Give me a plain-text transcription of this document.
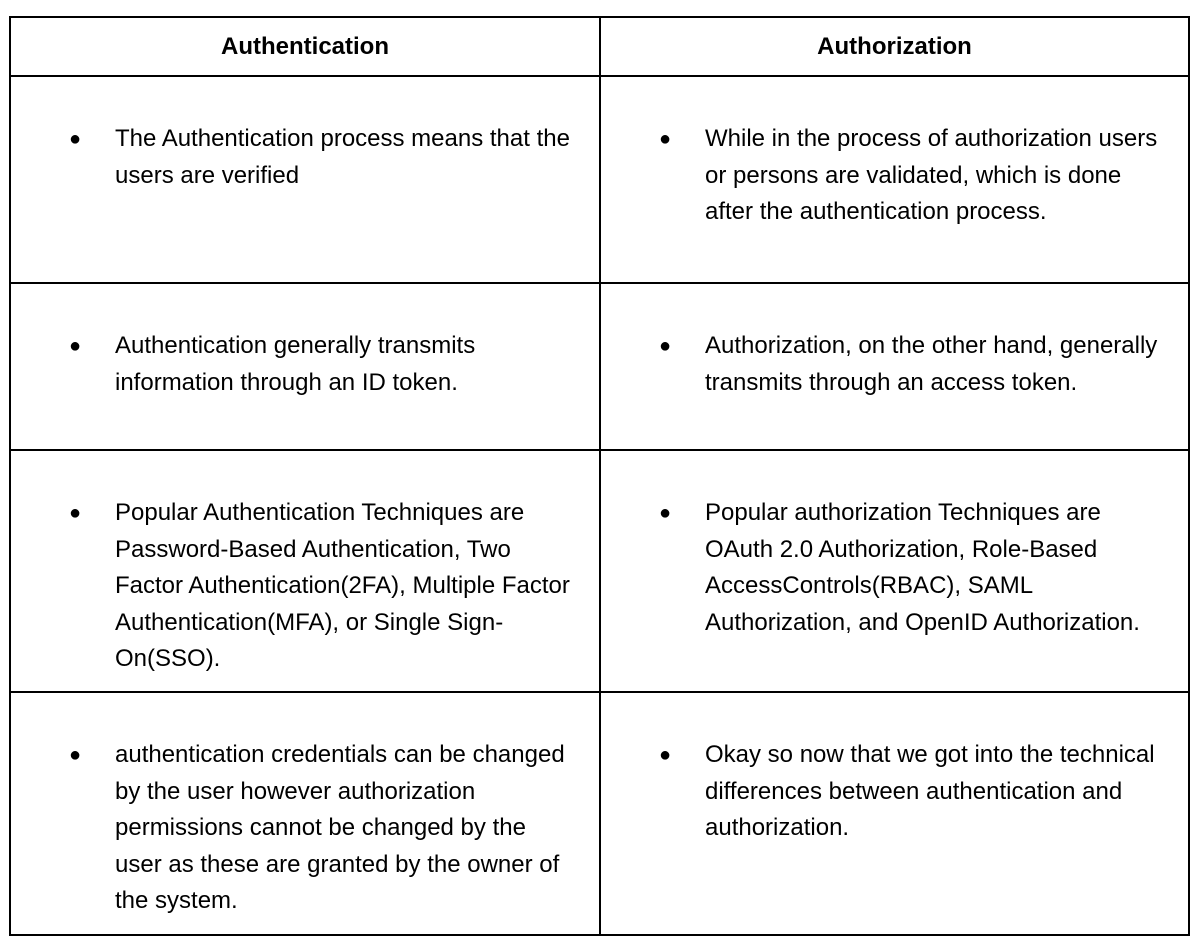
Authentication	Authorization

● The Authentication process means that the users are verified	● While in the process of authorization users or persons are validated, which is done after the authentication process.

● Authentication generally transmits information through an ID token.	● Authorization, on the other hand, generally transmits through an access token.

● Popular Authentication Techniques are Password-Based Authentication, Two Factor Authentication(2FA), Multiple Factor Authentication(MFA), or Single Sign-On(SSO).	● Popular authorization Techniques are OAuth 2.0 Authorization, Role-Based AccessControls(RBAC), SAML Authorization, and OpenID Authorization.

● authentication credentials can be changed by the user however authorization permissions cannot be changed by the user as these are granted by the owner of the system.	● Okay so now that we got into the technical differences between authentication and authorization.
